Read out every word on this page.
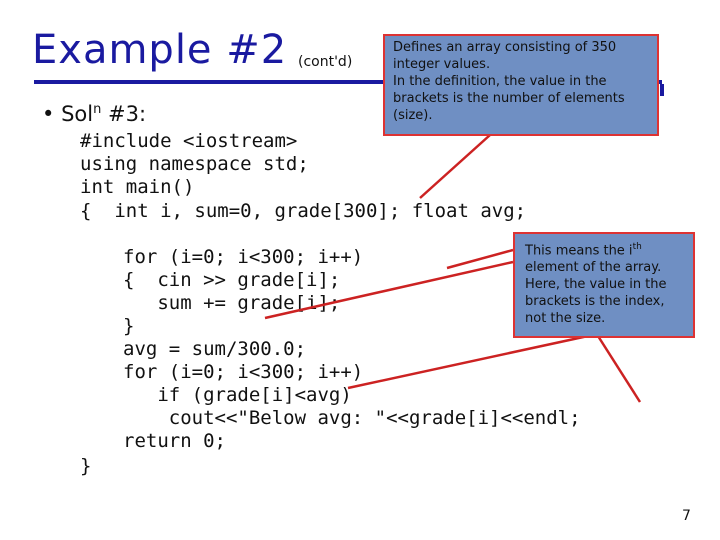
Example #2 (cont'd)
• Sol$^n$ #3:
#include <iostream>
using namespace std;
int main()
{  int i, sum=0, grade[300]; float avg;
for (i=0; i<300; i++)
{  cin >> grade[i];
sum += grade[i];
}
avg = sum/300.0;
for (i=0; i<300; i++)
if (grade[i]<avg)
cout<<"Below avg: "<<grade[i]<<endl;
return 0;
}

Defines an array consisting of 350 integer values.

In the definition, the value in the brackets is the number of elements (size).

This means the $i^{th}$ element of the array. Here, the value in the brackets is the index, not the size.
7
